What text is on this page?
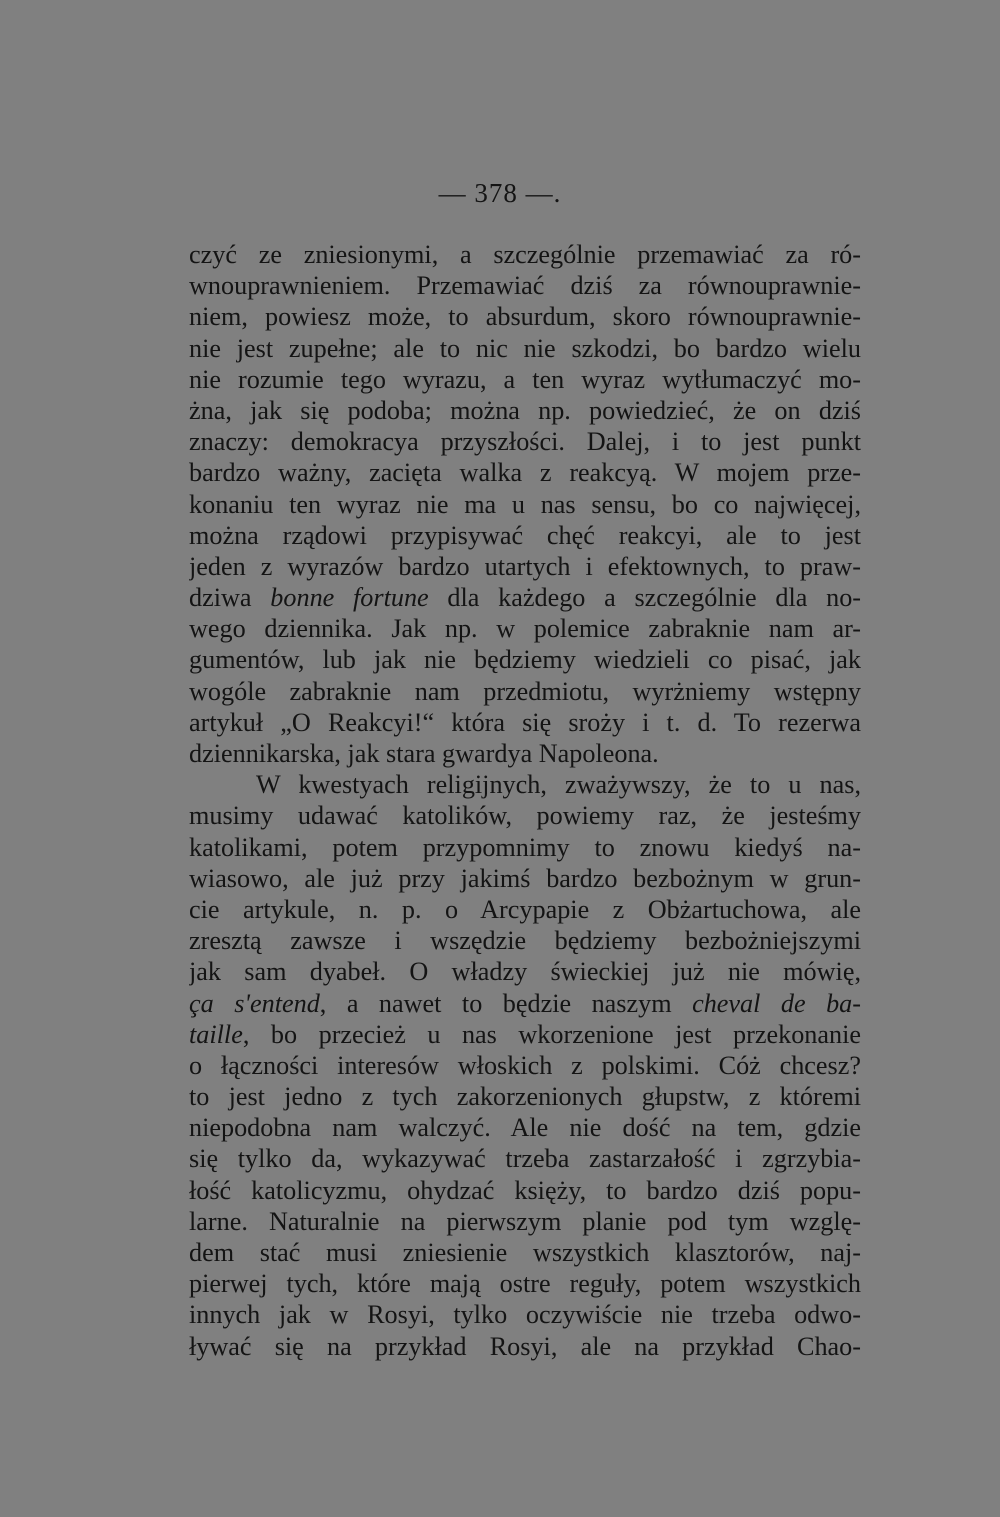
— 378 —.
czyć ze zniesionymi, a szczególnie przemawiać za ró-
wnouprawnieniem. Przemawiać dziś za równouprawnie-
niem, powiesz może, to absurdum, skoro równouprawnie-
nie jest zupełne; ale to nic nie szkodzi, bo bardzo wielu
nie rozumie tego wyrazu, a ten wyraz wytłumaczyć mo-
żna, jak się podoba; można np. powiedzieć, że on dziś
znaczy: demokracya przyszłości. Dalej, i to jest punkt
bardzo ważny, zacięta walka z reakcyą. W mojem prze-
konaniu ten wyraz nie ma u nas sensu, bo co najwięcej,
można rządowi przypisywać chęć reakcyi, ale to jest
jeden z wyrazów bardzo utartych i efektownych, to praw-
dziwa bonne fortune dla każdego a szczególnie dla no-
wego dziennika. Jak np. w polemice zabraknie nam ar-
gumentów, lub jak nie będziemy wiedzieli co pisać, jak
wogóle zabraknie nam przedmiotu, wyrżniemy wstępny
artykuł „O Reakcyi!“ która się sroży i t. d. To rezerwa
dziennikarska, jak stara gwardya Napoleona.
W kwestyach religijnych, zważywszy, że to u nas,
musimy udawać katolików, powiemy raz, że jesteśmy
katolikami, potem przypomnimy to znowu kiedyś na-
wiasowo, ale już przy jakimś bardzo bezbożnym w grun-
cie artykule, n. p. o Arcypapie z Obżartuchowa, ale
zresztą zawsze i wszędzie będziemy bezbożniejszymi
jak sam dyabeł. O władzy świeckiej już nie mówię,
ça s'entend, a nawet to będzie naszym cheval de ba-
taille, bo przecież u nas wkorzenione jest przekonanie
o łączności interesów włoskich z polskimi. Cóż chcesz?
to jest jedno z tych zakorzenionych głupstw, z któremi
niepodobna nam walczyć. Ale nie dość na tem, gdzie
się tylko da, wykazywać trzeba zastarzałość i zgrzybia-
łość katolicyzmu, ohydzać księży, to bardzo dziś popu-
larne. Naturalnie na pierwszym planie pod tym wzglę-
dem stać musi zniesienie wszystkich klasztorów, naj-
pierwej tych, które mają ostre reguły, potem wszystkich
innych jak w Rosyi, tylko oczywiście nie trzeba odwo-
ływać się na przykład Rosyi, ale na przykład Chao-
